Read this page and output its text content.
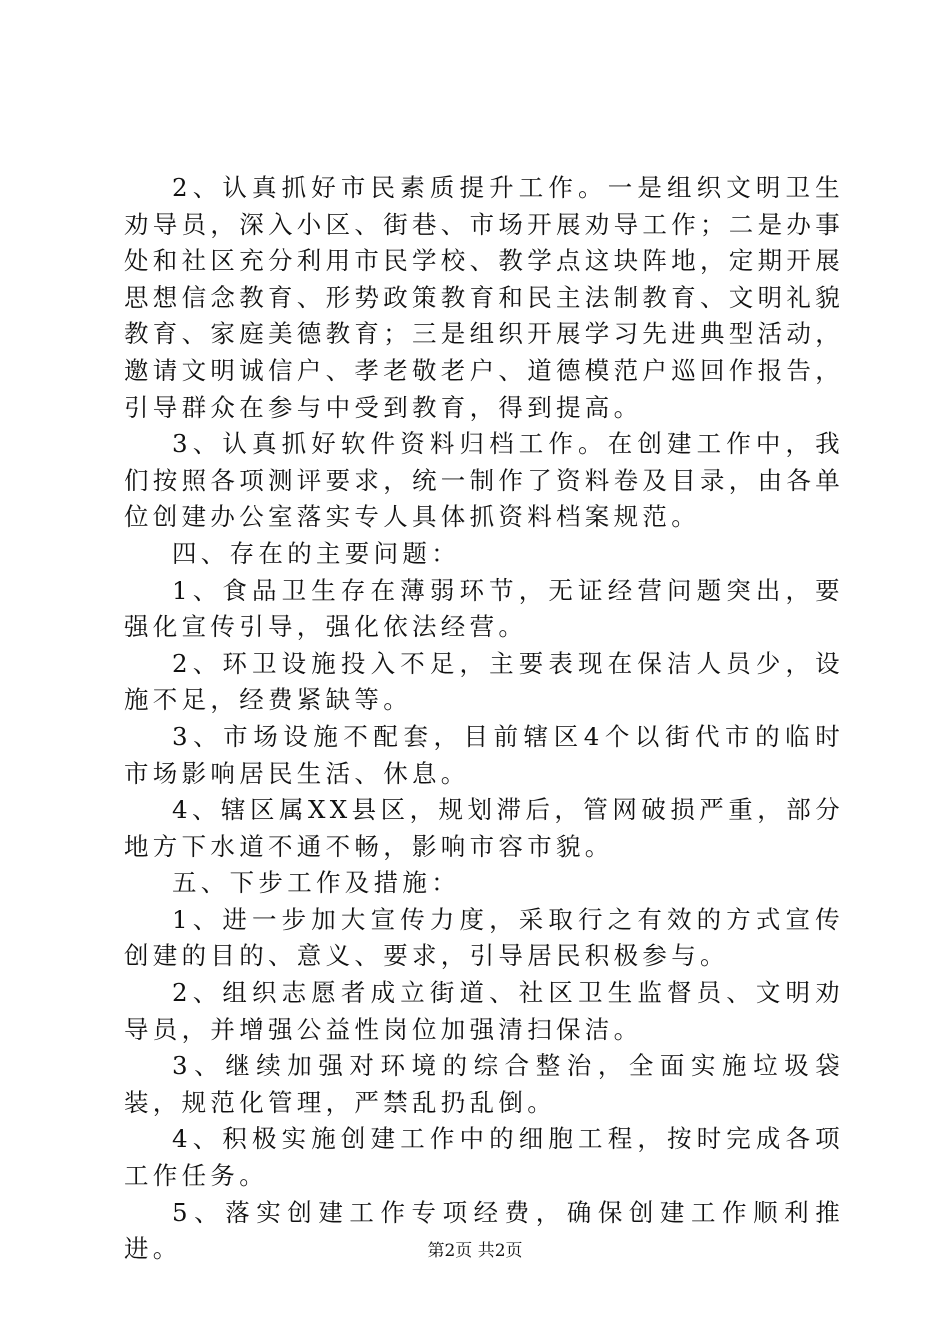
2、认真抓好市民素质提升工作。一是组织文明卫生劝导员，深入小区、街巷、市场开展劝导工作；二是办事处和社区充分利用市民学校、教学点这块阵地，定期开展思想信念教育、形势政策教育和民主法制教育、文明礼貌教育、家庭美德教育；三是组织开展学习先进典型活动，邀请文明诚信户、孝老敬老户、道德模范户巡回作报告，引导群众在参与中受到教育，得到提高。

3、认真抓好软件资料归档工作。在创建工作中，我们按照各项测评要求，统一制作了资料卷及目录，由各单位创建办公室落实专人具体抓资料档案规范。

四、存在的主要问题：

1、食品卫生存在薄弱环节，无证经营问题突出，要强化宣传引导，强化依法经营。

2、环卫设施投入不足，主要表现在保洁人员少，设施不足，经费紧缺等。

3、市场设施不配套，目前辖区4个以街代市的临时市场影响居民生活、休息。

4、辖区属XX县区，规划滞后，管网破损严重，部分地方下水道不通不畅，影响市容市貌。

五、下步工作及措施：

1、进一步加大宣传力度，采取行之有效的方式宣传创建的目的、意义、要求，引导居民积极参与。

2、组织志愿者成立街道、社区卫生监督员、文明劝导员，并增强公益性岗位加强清扫保洁。

3、继续加强对环境的综合整治，全面实施垃圾袋装，规范化管理，严禁乱扔乱倒。

4、积极实施创建工作中的细胞工程，按时完成各项工作任务。

5、落实创建工作专项经费，确保创建工作顺利推进。	第2页 共2页
